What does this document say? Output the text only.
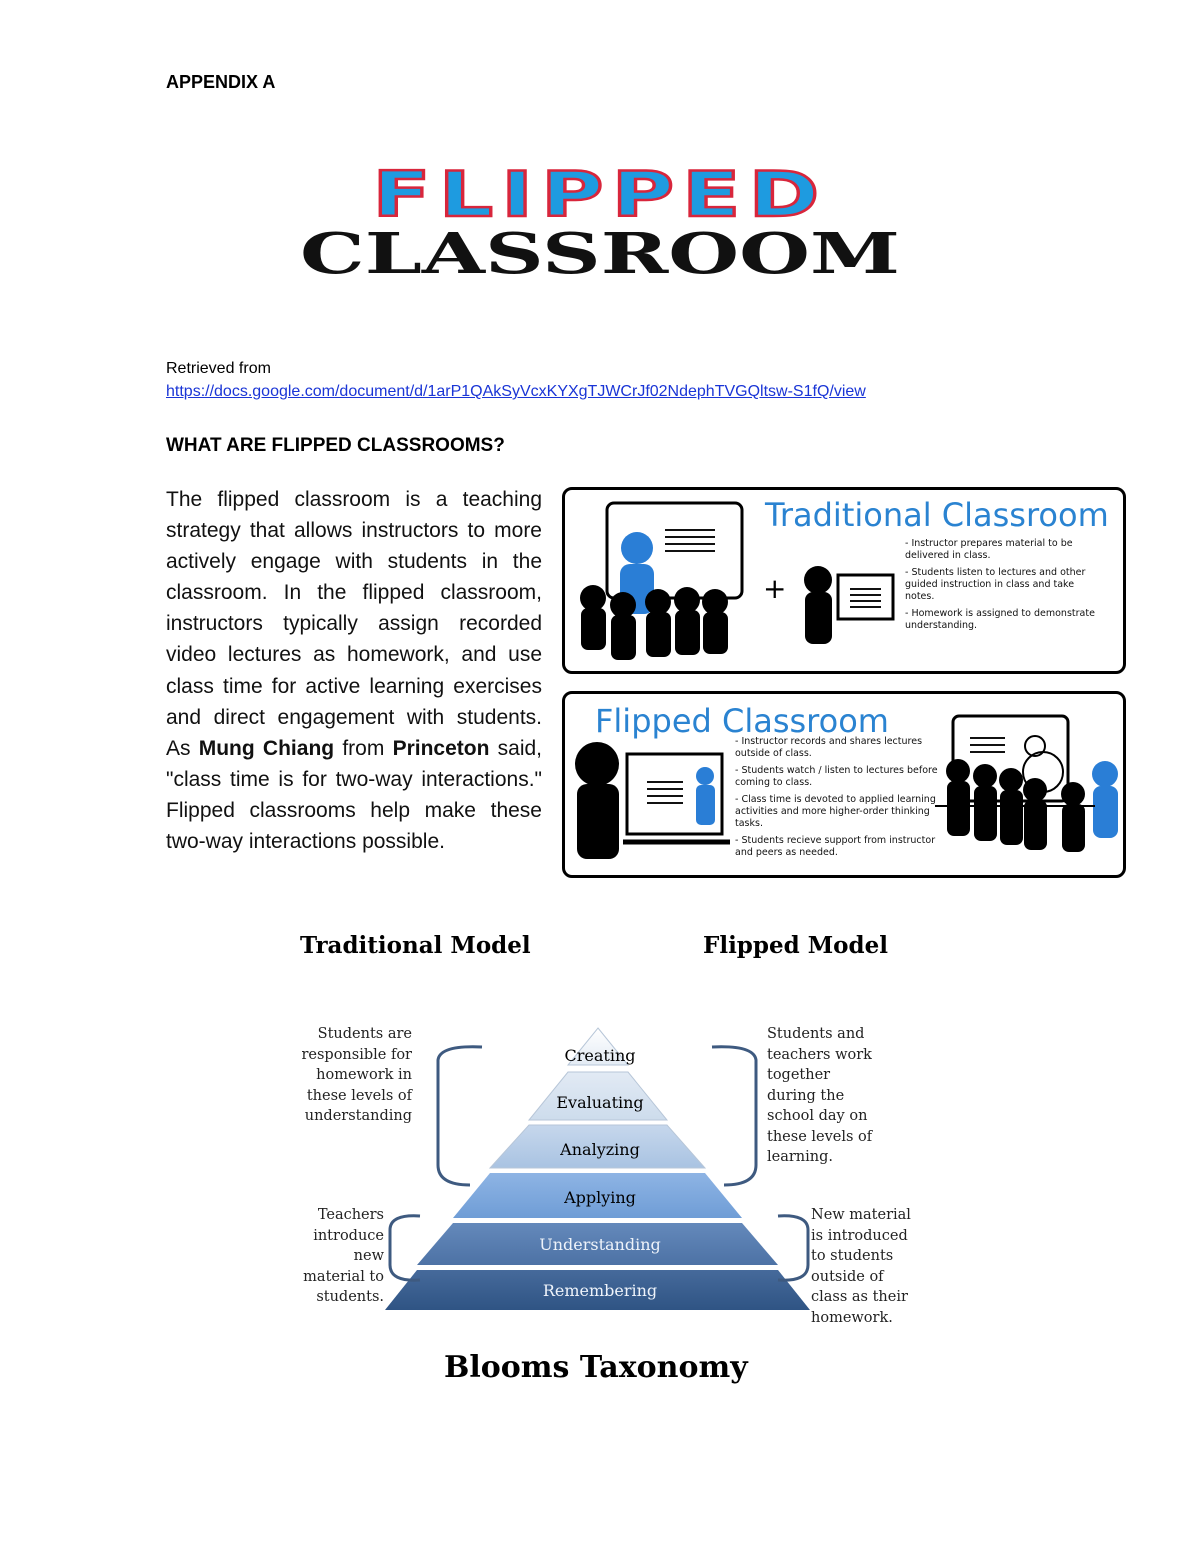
APPENDIX A
FLIPPED
CLASSROOM
Retrieved from
https://docs.google.com/document/d/1arP1QAkSyVcxKYXgTJWCrJf02NdephTVGQltsw-S1fQ/view
WHAT ARE FLIPPED CLASSROOMS?
The flipped classroom is a teaching strategy that allows instructors to more actively engage with students in the classroom. In the flipped classroom, instructors typically assign recorded video lectures as homework, and use class time for active learning exercises and direct engagement with students. As Mung Chiang from Princeton said, "class time is for two-way interactions." Flipped classrooms help make these two-way interactions possible.
+
Traditional Classroom
- Instructor prepares material to be delivered in class.
- Students listen to lectures and other guided instruction in class and take notes.
- Homework is assigned to demonstrate understanding.
Flipped Classroom
- Instructor records and shares lectures outside of class.
- Students watch / listen to lectures before coming to class.
- Class time is devoted to applied learning activities and more higher-order thinking tasks.
- Students recieve support from instructor and peers as needed.
Traditional Model	Flipped Model
Creating
Evaluating
Analyzing
Applying
Understanding
Remembering
Students are responsible for homework in these levels of understanding
Teachers introduce new material to students.
Students and teachers work together during the school day on these levels of learning.
New material is introduced to students outside of class as their homework.
Blooms Taxonomy
